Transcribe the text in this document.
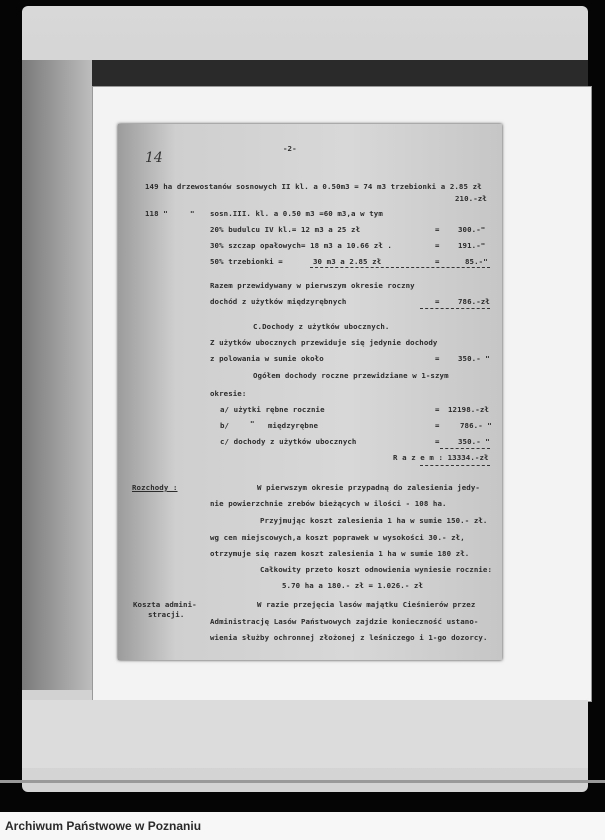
14
-2-
149 ha drzewostanów sosnowych II kl. a 0.50m3 = 74 m3 trzebionki a 2.85 zł
210.-zł
118 "	" sosn.III. kl. a 0.50 m3 =60 m3,a w tym
20% budulcu IV kl.= 12 m3 a 25 zł	= 300.-"
30% szczap opałowych= 18 m3 a 10.66 zł .	= 191.-"
50% trzebionki =	30 m3 a 2.85 zł	=	85.-"
Razem przewidywany w pierwszym okresie roczny
dochód z użytków międzyrębnych	= 786.-zł
C.Dochody z użytków ubocznych.
Z użytków ubocznych przewiduje się jedynie dochody
z polowania w sumie około	= 350.- "
Ogółem dochody roczne przewidziane w 1-szym
okresie:
a/ użytki rębne rocznie	= 12198.-zł
b/	" międzyrębne	=	786.- "
c/ dochody z użytków ubocznych	= 350.- "
R a z e m : 13334.-zł
Rozchody :	W pierwszym okresie przypadną do zalesienia jedy-
nie powierzchnie zrebów bieżących w ilości - 108 ha.
Przyjmując koszt zalesienia 1 ha w sumie 150.- zł.
wg cen miejscowych,a koszt poprawek w wysokości 30.- zł,
otrzymuje się razem koszt zalesienia 1 ha w sumie 180 zł.
Całkowity przeto koszt odnowienia wyniesie rocznie:
5.70 ha a 180.- zł = 1.026.- zł
Koszta admini-
stracji.
W razie przejęcia lasów majątku Cieśnierów przez
Administrację Lasów Państwowych zajdzie konieczność ustano-
wienia służby ochronnej złożonej z leśniczego i 1-go dozorcy.
Archiwum Państwowe w Poznaniu
